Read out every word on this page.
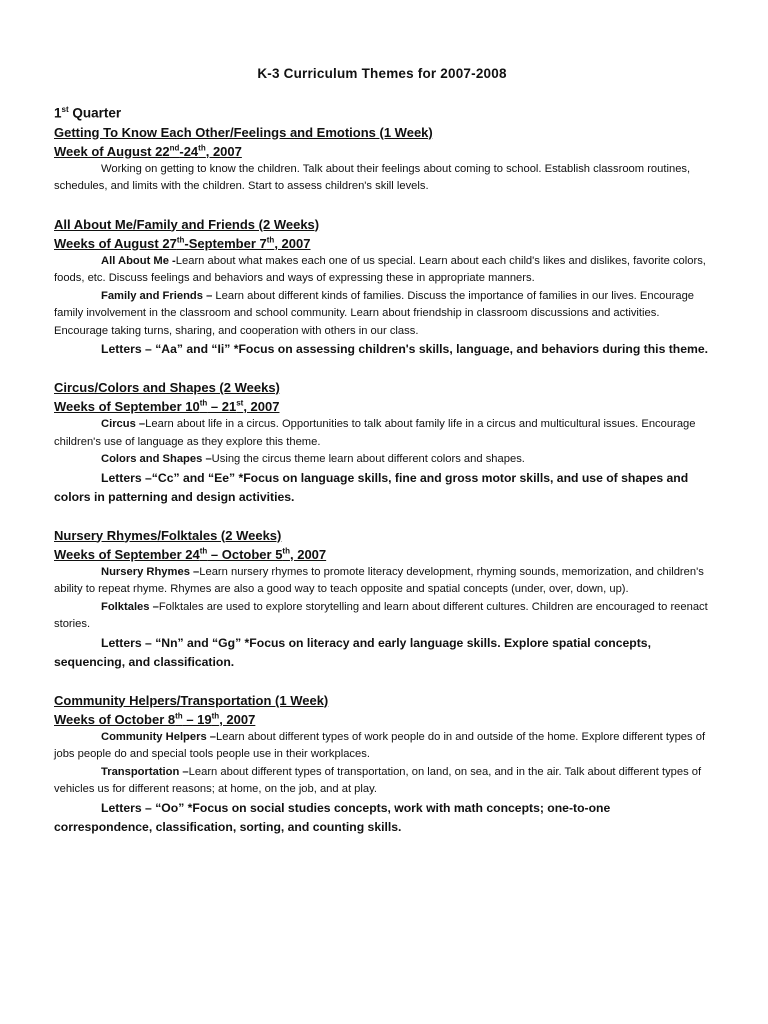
K-3 Curriculum Themes for 2007-2008
1st Quarter
Getting To Know Each Other/Feelings and Emotions (1 Week)
Week of August 22nd-24th, 2007

Working on getting to know the children. Talk about their feelings about coming to school. Establish classroom routines, schedules, and limits with the children. Start to assess children's skill levels.

All About Me/Family and Friends (2 Weeks)
Weeks of August 27th-September 7th, 2007

All About Me -Learn about what makes each one of us special. Learn about each child's likes and dislikes, favorite colors, foods, etc. Discuss feelings and behaviors and ways of expressing these in appropriate manners.

Family and Friends – Learn about different kinds of families. Discuss the importance of families in our lives. Encourage family involvement in the classroom and school community. Learn about friendship in classroom discussions and activities. Encourage taking turns, sharing, and cooperation with others in our class.

Letters – “Aa” and “Ii” *Focus on assessing children's skills, language, and behaviors during this theme.

Circus/Colors and Shapes (2 Weeks)
Weeks of September 10th – 21st, 2007

Circus –Learn about life in a circus. Opportunities to talk about family life in a circus and multicultural issues. Encourage children's use of language as they explore this theme.

Colors and Shapes –Using the circus theme learn about different colors and shapes.

Letters –“Cc” and “Ee” *Focus on language skills, fine and gross motor skills, and use of shapes and colors in patterning and design activities.

Nursery Rhymes/Folktales (2 Weeks)
Weeks of September 24th – October 5th, 2007

Nursery Rhymes –Learn nursery rhymes to promote literacy development, rhyming sounds, memorization, and children's ability to repeat rhyme. Rhymes are also a good way to teach opposite and spatial concepts (under, over, down, up).

Folktales –Folktales are used to explore storytelling and learn about different cultures. Children are encouraged to reenact stories.

Letters – “Nn” and “Gg” *Focus on literacy and early language skills. Explore spatial concepts, sequencing, and classification.

Community Helpers/Transportation (1 Week)
Weeks of October 8th – 19th, 2007

Community Helpers –Learn about different types of work people do in and outside of the home. Explore different types of jobs people do and special tools people use in their workplaces.

Transportation –Learn about different types of transportation, on land, on sea, and in the air. Talk about different types of vehicles us for different reasons; at home, on the job, and at play.

Letters – “Oo” *Focus on social studies concepts, work with math concepts; one-to-one correspondence, classification, sorting, and counting skills.
